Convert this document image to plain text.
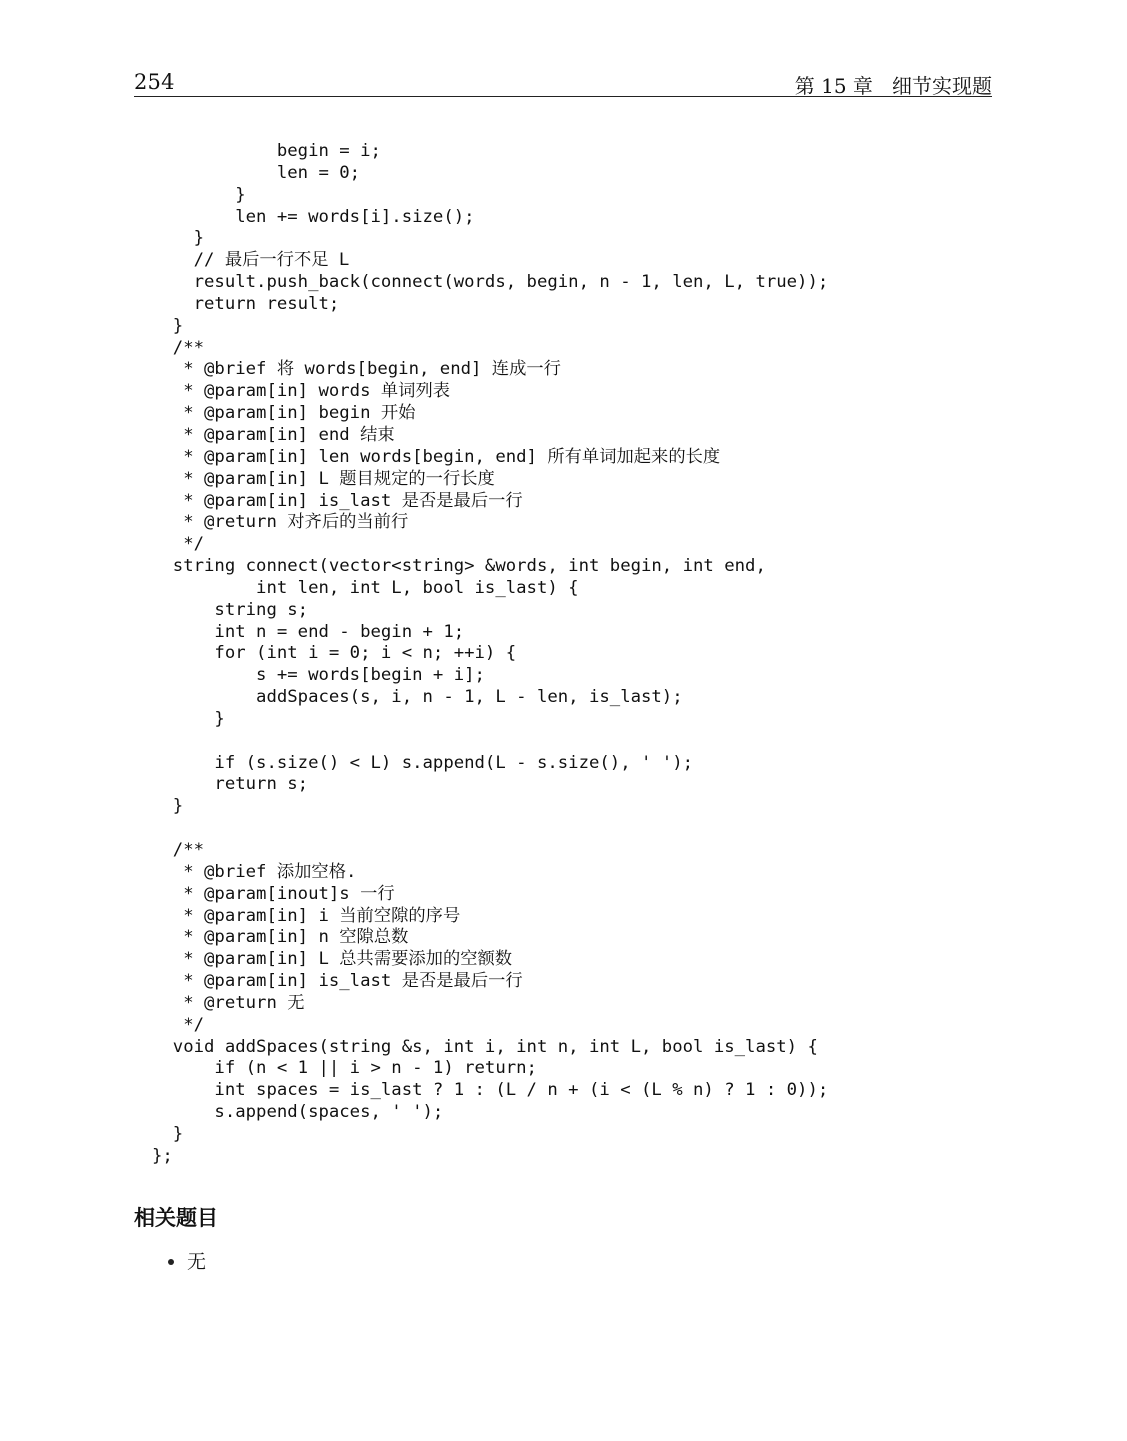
254	第 15 章   细节实现题
begin = i;
len = 0;
}
len += words[i].size();
}
// 最后一行不足 L
result.push_back(connect(words, begin, n - 1, len, L, true));
return result;
}
/**
* @brief 将 words[begin, end] 连成一行
* @param[in] words 单词列表
* @param[in] begin 开始
* @param[in] end 结束
* @param[in] len words[begin, end] 所有单词加起来的长度
* @param[in] L 题目规定的一行长度
* @param[in] is_last 是否是最后一行
* @return 对齐后的当前行
*/
string connect(vector<string> &words, int begin, int end,
int len, int L, bool is_last) {
string s;
int n = end - begin + 1;
for (int i = 0; i < n; ++i) {
s += words[begin + i];
addSpaces(s, i, n - 1, L - len, is_last);
}
if (s.size() < L) s.append(L - s.size(), ' ');
return s;
}
/**
* @brief 添加空格.
* @param[inout]s 一行
* @param[in] i 当前空隙的序号
* @param[in] n 空隙总数
* @param[in] L 总共需要添加的空额数
* @param[in] is_last 是否是最后一行
* @return 无
*/
void addSpaces(string &s, int i, int n, int L, bool is_last) {
if (n < 1 || i > n - 1) return;
int spaces = is_last ? 1 : (L / n + (i < (L % n) ? 1 : 0));
s.append(spaces, ' ');
}
};
相关题目
无
